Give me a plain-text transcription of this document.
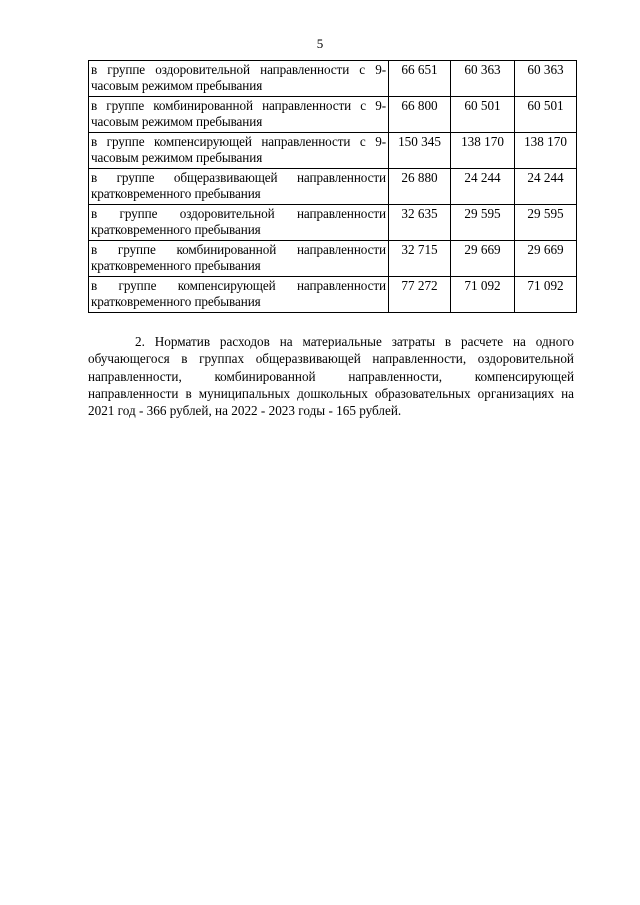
5
в группе оздоровительной направленности с 9-часовым режимом пребывания	66 651	60 363	60 363
в группе комбинированной направленности с 9-часовым режимом пребывания	66 800	60 501	60 501
в группе компенсирующей направленности с 9-часовым режимом пребывания	150 345	138 170	138 170
в группе общеразвивающей направленности кратковременного пребывания	26 880	24 244	24 244
в группе оздоровительной направленности кратковременного пребывания	32 635	29 595	29 595
в группе комбинированной направленности кратковременного пребывания	32 715	29 669	29 669
в группе компенсирующей направленности кратковременного пребывания	77 272	71 092	71 092

2. Норматив расходов на материальные затраты в расчете на одного обучающегося в группах общеразвивающей направленности, оздоровительной направленности, комбинированной направленности, компенсирующей направленности в муниципальных дошкольных образовательных организациях на 2021 год - 366 рублей, на 2022 - 2023 годы - 165 рублей.
